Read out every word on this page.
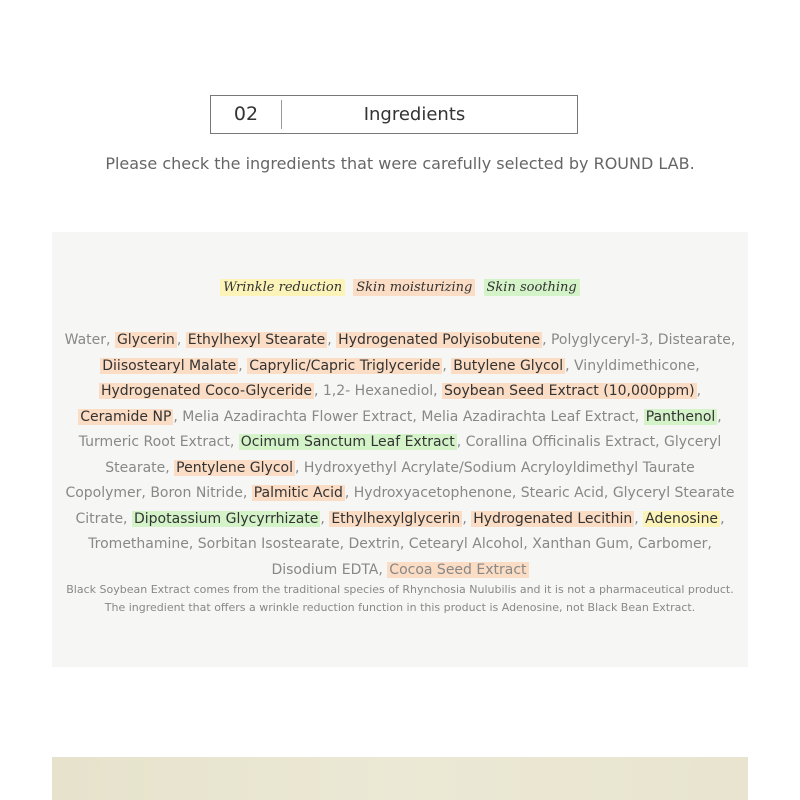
02	Ingredients
Please check the ingredients that were carefully selected by ROUND LAB.
Wrinkle reduction Skin moisturizing Skin soothing
Water, Glycerin , Ethylhexyl Stearate , Hydrogenated Polyisobutene , Polyglyceryl-3, Distearate, Diisostearyl Malate , Caprylic/Capric Triglyceride , Butylene Glycol , Vinyldimethicone, Hydrogenated Coco-Glyceride , 1,2- Hexanediol, Soybean Seed Extract (10,000ppm) , Ceramide NP , Melia Azadirachta Flower Extract, Melia Azadirachta Leaf Extract, Panthenol , Turmeric Root Extract, Ocimum Sanctum Leaf Extract , Corallina Officinalis Extract, Glyceryl Stearate, Pentylene Glycol , Hydroxyethyl Acrylate/Sodium Acryloyldimethyl Taurate Copolymer, Boron Nitride, Palmitic Acid , Hydroxyacetophenone, Stearic Acid, Glyceryl Stearate Citrate, Dipotassium Glycyrrhizate , Ethylhexylglycerin , Hydrogenated Lecithin , Adenosine , Tromethamine, Sorbitan Isostearate, Dextrin, Cetearyl Alcohol, Xanthan Gum, Carbomer, Disodium EDTA, Cocoa Seed Extract
Black Soybean Extract comes from the traditional species of Rhynchosia Nulubilis and it is not a pharmaceutical product.
The ingredient that offers a wrinkle reduction function in this product is Adenosine, not Black Bean Extract.
